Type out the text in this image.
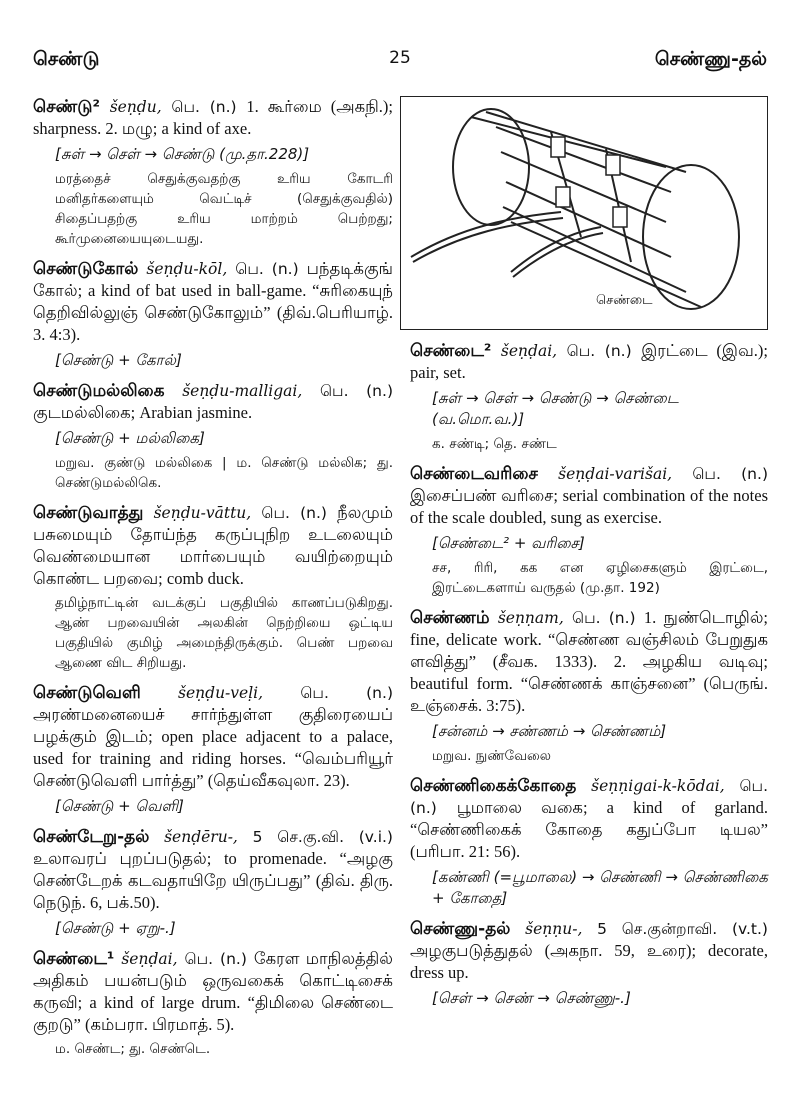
செண்டு	25	செண்ணு-தல்
செண்டை

செண்டு² šeṇḍu, பெ. (n.) 1. கூர்மை (அகநி.); sharpness. 2. மழு; a kind of axe.

[சுள் → செள் → செண்டு (மு.தா.228)]
மரத்தைச் செதுக்குவதற்கு உரிய கோடரி மனிதர்களையும் வெட்டிச் (செதுக்குவதில்) சிதைப்பதற்கு உரிய மாற்றம் பெற்றது; கூர்முனையையுடையது.

செண்டுகோல் šeṇḍu-kōl, பெ. (n.) பந்தடிக்குங் கோல்; a kind of bat used in ball-game. “சுரிகையுந் தெறிவில்லுஞ் செண்டுகோலும்” (திவ்.பெரியாழ். 3. 4:3).

[செண்டு + கோல்]

செண்டுமல்லிகை šeṇḍu-malligai, பெ. (n.) குடமல்லிகை; Arabian jasmine.

[செண்டு + மல்லிகை]
மறுவ. குண்டு மல்லிகை | ம. செண்டு மல்லிக; து. செண்டுமல்லிகெ.

செண்டுவாத்து šeṇḍu-vāttu, பெ. (n.) நீலமும் பசுமையும் தோய்ந்த கருப்புநிற உடலையும் வெண்மையான மார்பையும் வயிற்றையும் கொண்ட பறவை; comb duck.

தமிழ்நாட்டின் வடக்குப் பகுதியில் காணப்படுகிறது. ஆண் பறவையின் அலகின் நெற்றியை ஒட்டிய பகுதியில் குமிழ் அமைந்திருக்கும். பெண் பறவை ஆணை விட சிறியது.

செண்டுவெளி šeṇḍu-veḷi, பெ. (n.) அரண்மனையைச் சார்ந்துள்ள குதிரையைப் பழக்கும் இடம்; open place adjacent to a palace, used for training and riding horses. “வெம்பரியூர் செண்டுவெளி பார்த்து” (தெய்வீகவுலா. 23).

[செண்டு + வெளி]

செண்டேறு-தல் šenḍēru-, 5 செ.கு.வி. (v.i.) உலாவரப் புறப்படுதல்; to promenade. “அழகு செண்டேறக் கடவதாயிறே யிருப்பது” (திவ். திரு. நெடுந். 6, பக்.50).

[செண்டு + ஏறு-.]

செண்டை¹ šeṇḍai, பெ. (n.) கேரள மாநிலத்தில் அதிகம் பயன்படும் ஒருவகைக் கொட்டிசைக் கருவி; a kind of large drum. “திமிலை செண்டை குறடு” (கம்பரா. பிரமாத். 5).

ம. செண்ட; து. செண்டெ.

செண்டை² šeṇḍai, பெ. (n.) இரட்டை (இவ.); pair, set.

[சுள் → செள் → செண்டு → செண்டை (வ.மொ.வ.)]
க. சண்டி; தெ. சண்ட

செண்டைவரிசை šeṇḍai-varišai, பெ. (n.) இசைப்பண் வரிசை; serial combination of the notes of the scale doubled, sung as exercise.

[செண்டை² + வரிசை]
சச, ரிரி, கக என ஏழிசைகளும் இரட்டை, இரட்டைகளாய் வருதல் (மு.தா. 192)

செண்ணம் šeṇṇam, பெ. (n.) 1. நுண்டொழில்; fine, delicate work. “செண்ண வஞ்சிலம் பேறுதுக ளவித்து” (சீவக. 1333). 2. அழகிய வடிவு; beautiful form. “செண்ணக் காஞ்சனை” (பெருங். உஞ்சைக். 3:75).

[சன்னம் → சண்ணம் → செண்ணம்]
மறுவ. நுண்வேலை

செண்ணிகைக்கோதை šeṇṇigai-k-kōdai, பெ. (n.) பூமாலை வகை; a kind of garland. “செண்ணிகைக் கோதை கதுப்போ டியல” (பரிபா. 21: 56).

[கண்ணி (=பூமாலை) → செண்ணி → செண்ணிகை + கோதை]

செண்ணு-தல் šeṇṇu-, 5 செ.குன்றாவி. (v.t.) அழகுபடுத்துதல் (அகநா. 59, உரை); decorate, dress up.

[செள் → செண் → செண்ணு-.]
